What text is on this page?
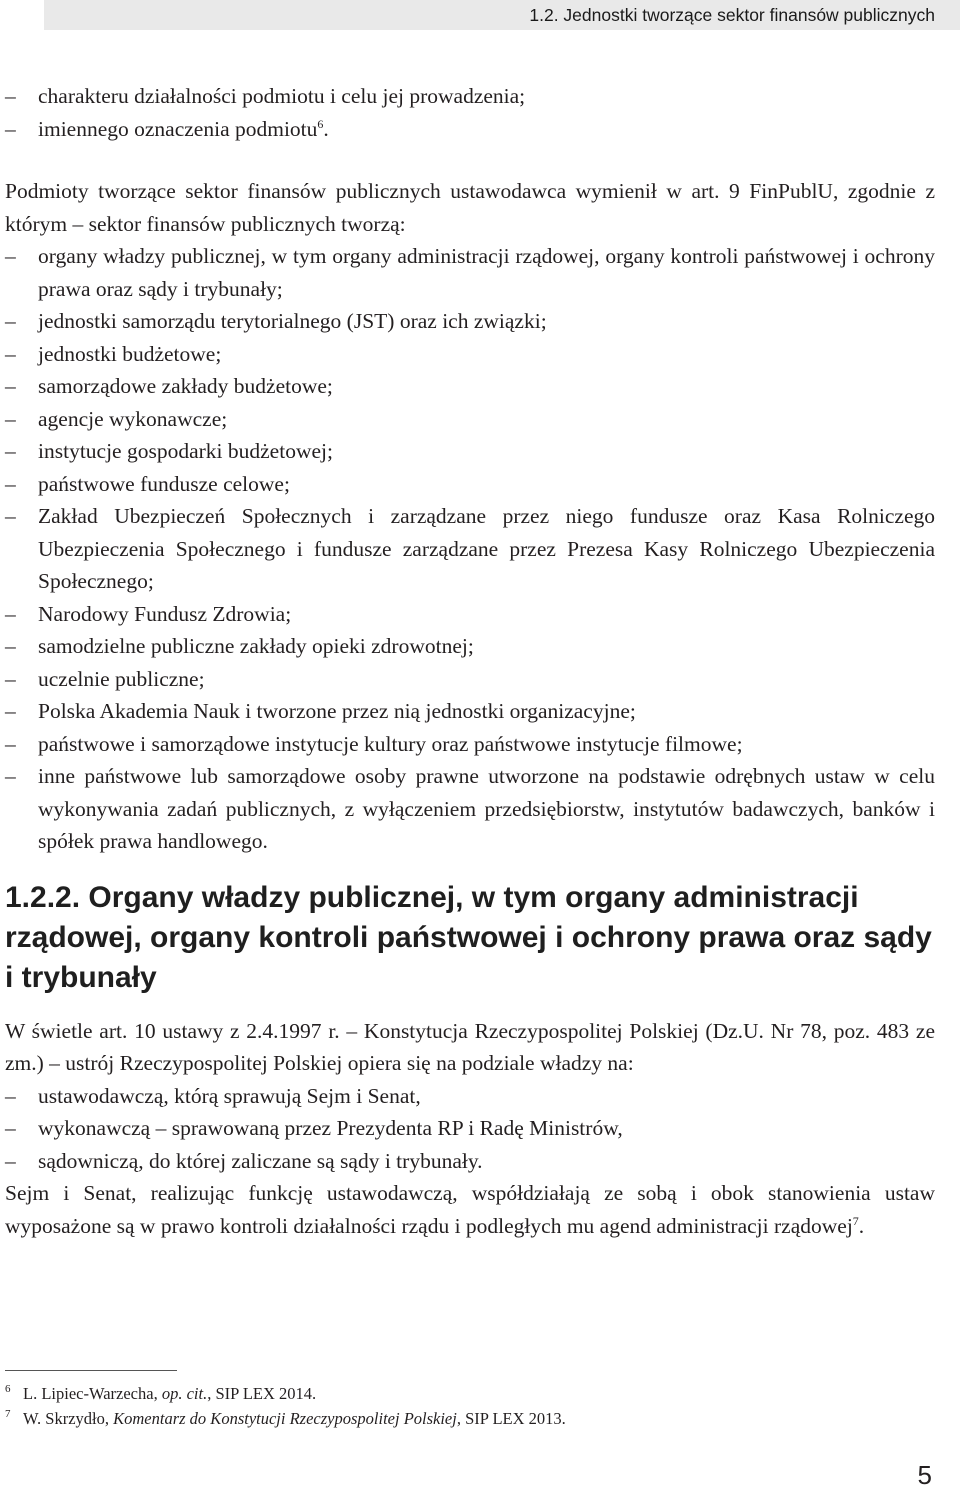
1.2. Jednostki tworzące sektor finansów publicznych
– charakteru działalności podmiotu i celu jej prowadzenia;
– imiennego oznaczenia podmiotu$^6$.

Podmioty tworzące sektor finansów publicznych ustawodawca wymienił w art. 9 FinPublU, zgodnie z którym – sektor finansów publicznych tworzą:

– organy władzy publicznej, w tym organy administracji rządowej, organy kontroli państwowej i ochrony prawa oraz sądy i trybunały;
– jednostki samorządu terytorialnego (JST) oraz ich związki;
– jednostki budżetowe;
– samorządowe zakłady budżetowe;
– agencje wykonawcze;
– instytucje gospodarki budżetowej;
– państwowe fundusze celowe;
– Zakład Ubezpieczeń Społecznych i zarządzane przez niego fundusze oraz Kasa Rolniczego Ubezpieczenia Społecznego i fundusze zarządzane przez Prezesa Kasy Rolniczego Ubezpieczenia Społecznego;
– Narodowy Fundusz Zdrowia;
– samodzielne publiczne zakłady opieki zdrowotnej;
– uczelnie publiczne;
– Polska Akademia Nauk i tworzone przez nią jednostki organizacyjne;
– państwowe i samorządowe instytucje kultury oraz państwowe instytucje filmowe;
– inne państwowe lub samorządowe osoby prawne utworzone na podstawie odrębnych ustaw w celu wykonywania zadań publicznych, z wyłączeniem przedsiębiorstw, instytutów badawczych, banków i spółek prawa handlowego.
1.2.2. Organy władzy publicznej, w tym organy administracji rządowej, organy kontroli państwowej i ochrony prawa oraz sądy i trybunały

W świetle art. 10 ustawy z 2.4.1997 r. – Konstytucja Rzeczypospolitej Polskiej (Dz.U. Nr 78, poz. 483 ze zm.) – ustrój Rzeczypospolitej Polskiej opiera się na podziale władzy na:

– ustawodawczą, którą sprawują Sejm i Senat,
– wykonawczą – sprawowaną przez Prezydenta RP i Radę Ministrów,
– sądowniczą, do której zaliczane są sądy i trybunały.

Sejm i Senat, realizując funkcję ustawodawczą, współdziałają ze sobą i obok stanowienia ustaw wyposażone są w prawo kontroli działalności rządu i podległych mu agend administracji rządowej$^7$.

6 L. Lipiec-Warzecha, op. cit., SIP LEX 2014.
7 W. Skrzydło, Komentarz do Konstytucji Rzeczypospolitej Polskiej, SIP LEX 2013.
5
